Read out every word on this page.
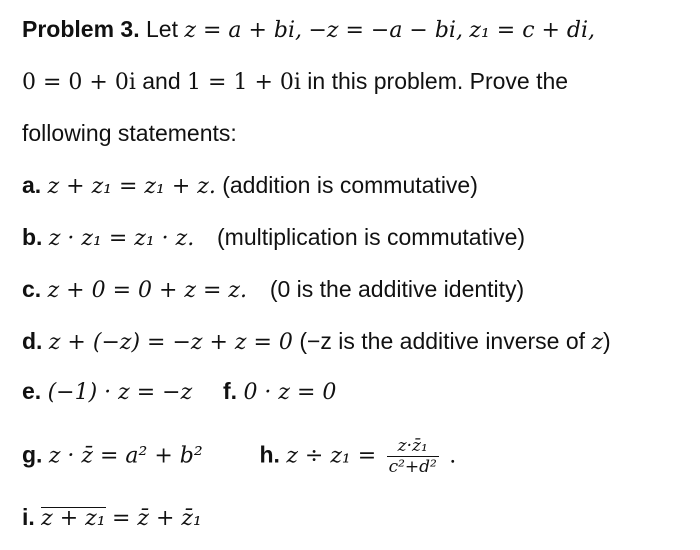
Problem 3. Let z = a + bi, −z = −a − bi, z₁ = c + di,
0 = 0 + 0i and 1 = 1 + 0i in this problem. Prove the
following statements:
a. z + z₁ = z₁ + z. (addition is commutative)
b. z · z₁ = z₁ · z. (multiplication is commutative)
c. z + 0 = 0 + z = z. (0 is the additive identity)
d. z + (−z) = −z + z = 0 (−z is the additive inverse of z)
e. (−1) · z = −z f. 0 · z = 0
g. z · z̄ = a² + b² h. $z \div z_1 = \frac{\text{z·z̄₁}}{\text{c²+d²}}$ .
i. z + z₁ = z̄ + z̄₁
